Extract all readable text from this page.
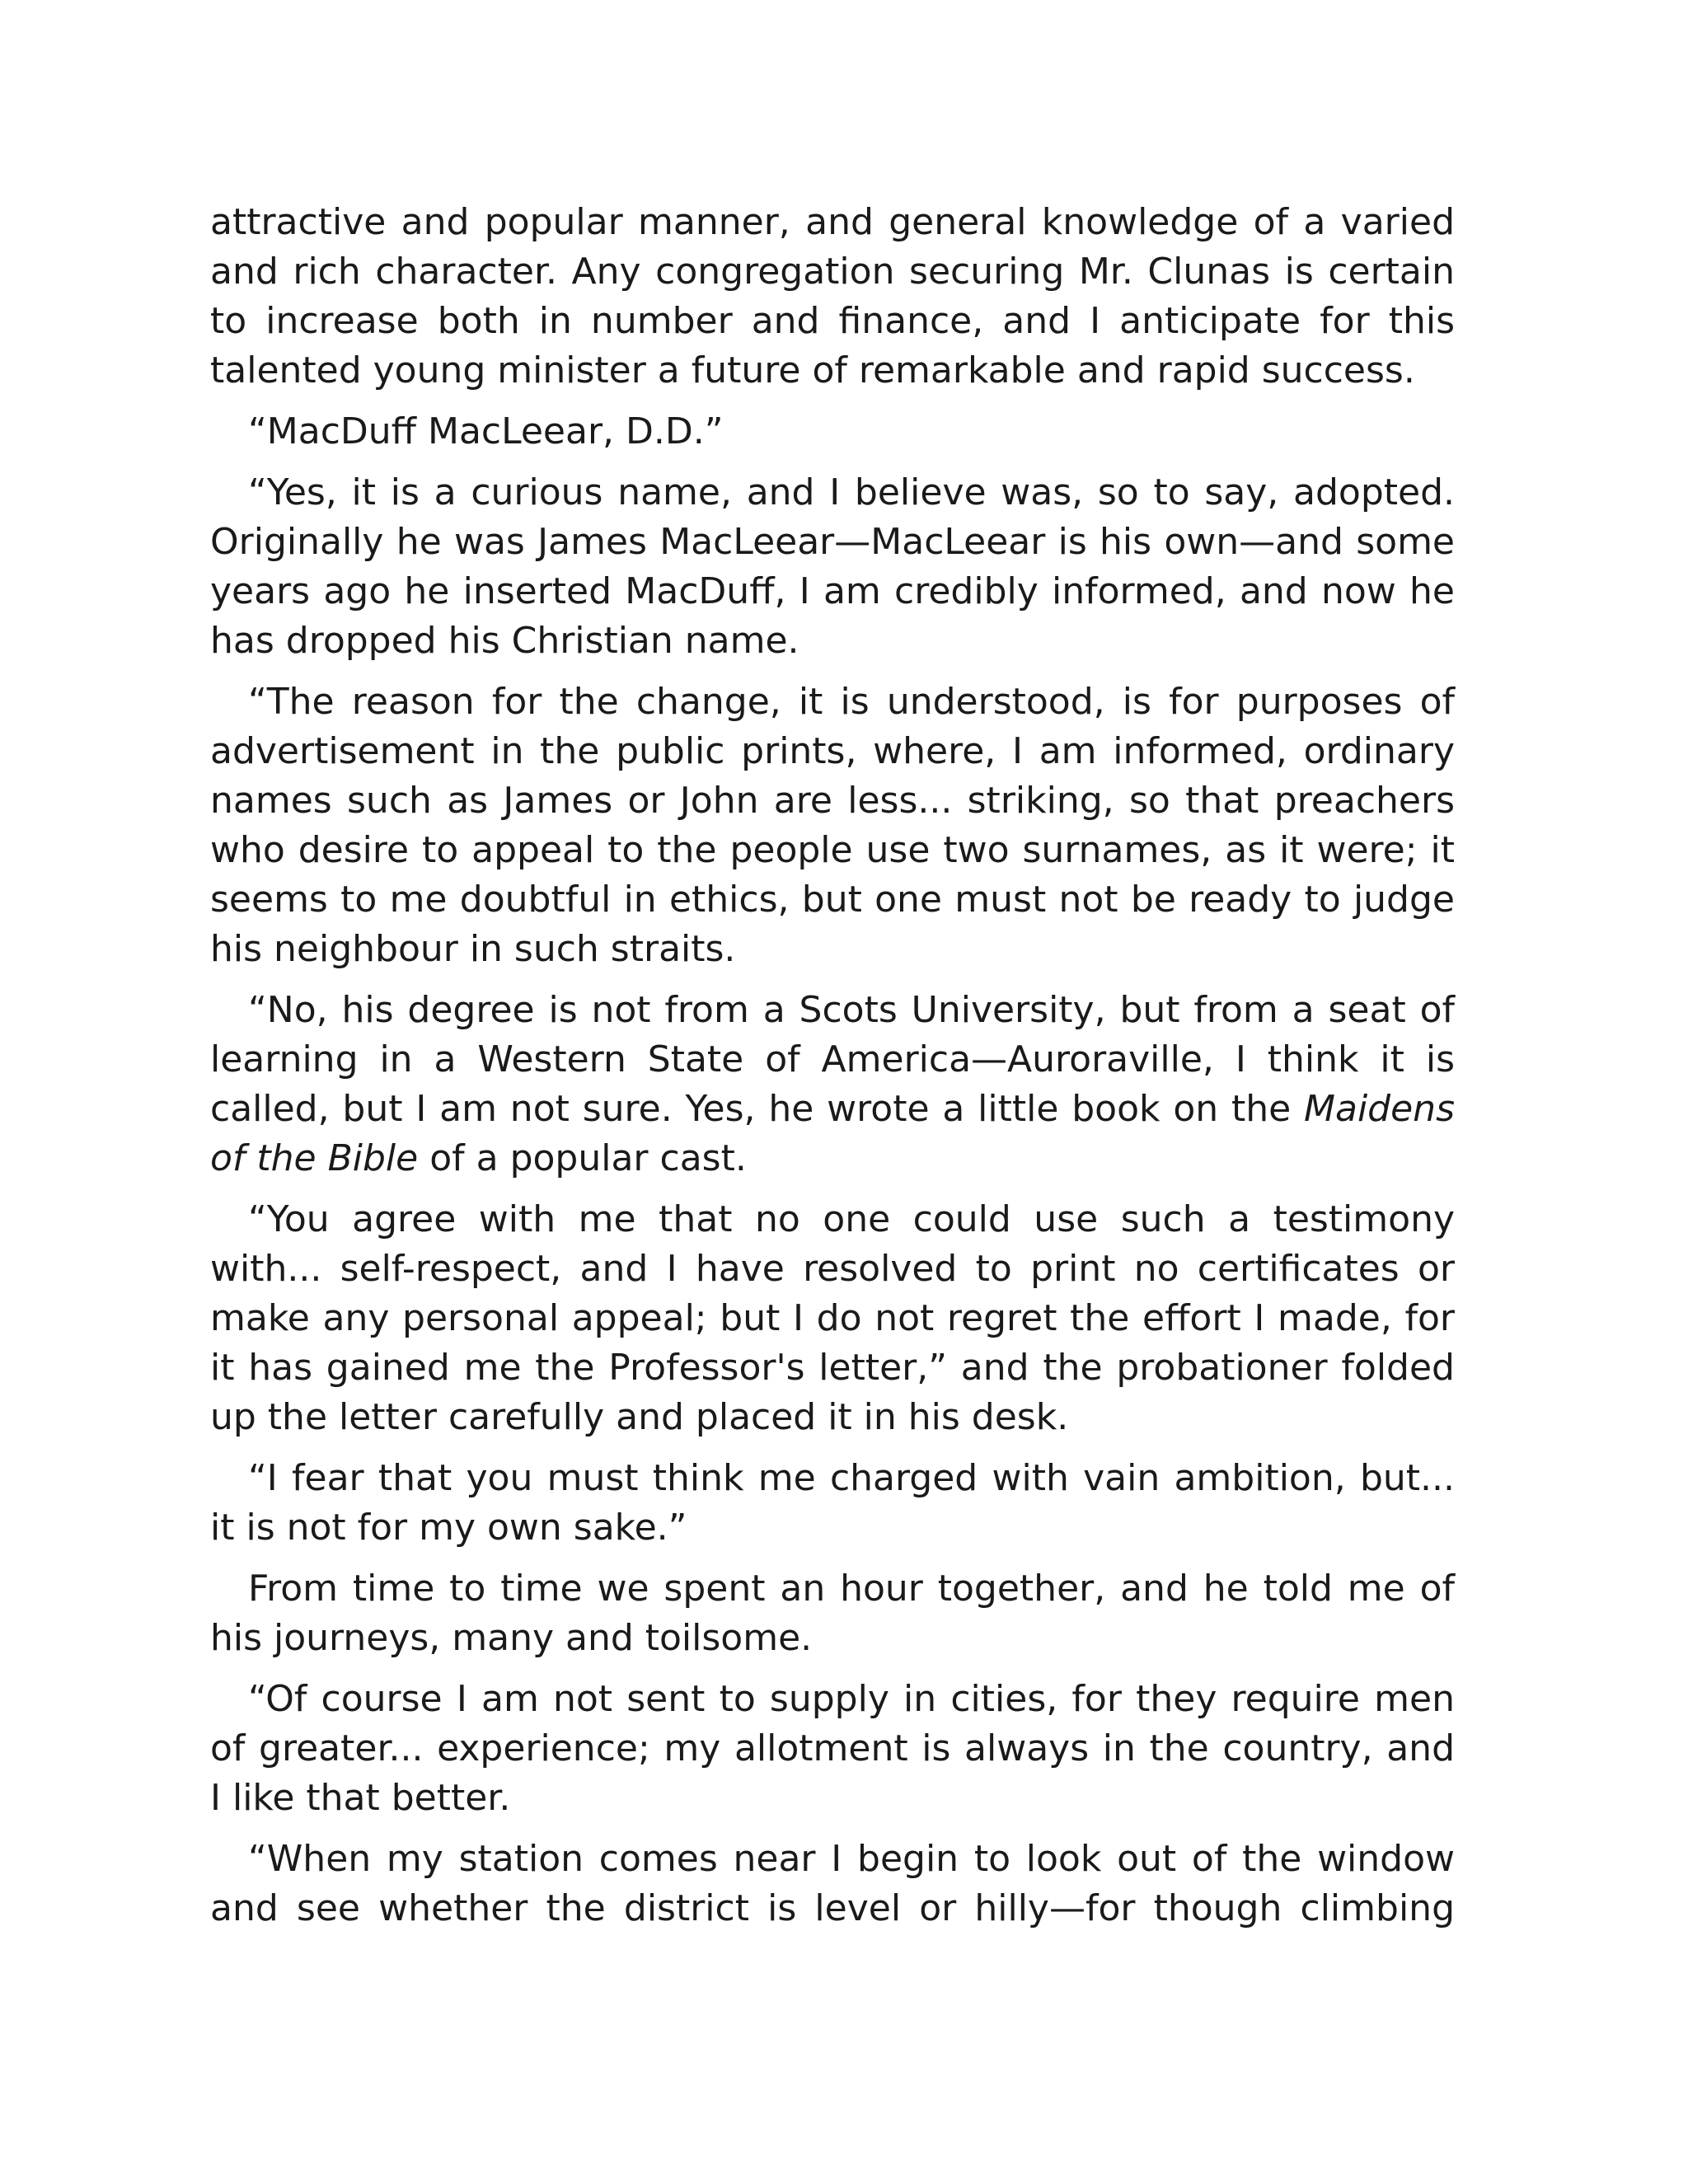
attractive and popular manner, and general knowledge of a varied and rich character. Any congregation securing Mr. Clunas is certain to increase both in number and finance, and I anticipate for this talented young minister a future of remarkable and rapid success.

“MacDuff MacLeear, D.D.”

“Yes, it is a curious name, and I believe was, so to say, adopted. Originally he was James MacLeear—MacLeear is his own—and some years ago he inserted MacDuff, I am credibly informed, and now he has dropped his Christian name.

“The reason for the change, it is understood, is for purposes of advertisement in the public prints, where, I am informed, ordinary names such as James or John are less... striking, so that preachers who desire to appeal to the people use two surnames, as it were; it seems to me doubtful in ethics, but one must not be ready to judge his neighbour in such straits.

“No, his degree is not from a Scots University, but from a seat of learning in a Western State of America—Auroraville, I think it is called, but I am not sure. Yes, he wrote a little book on the Maidens of the Bible of a popular cast.

“You agree with me that no one could use such a testimony with... self-respect, and I have resolved to print no certificates or make any personal appeal; but I do not regret the effort I made, for it has gained me the Professor's letter,” and the probationer folded up the letter carefully and placed it in his desk.

“I fear that you must think me charged with vain ambition, but... it is not for my own sake.”

From time to time we spent an hour together, and he told me of his journeys, many and toilsome.

“Of course I am not sent to supply in cities, for they require men of greater... experience; my allotment is always in the country, and I like that better.

“When my station comes near I begin to look out of the window and see whether the district is level or hilly—for though climbing
